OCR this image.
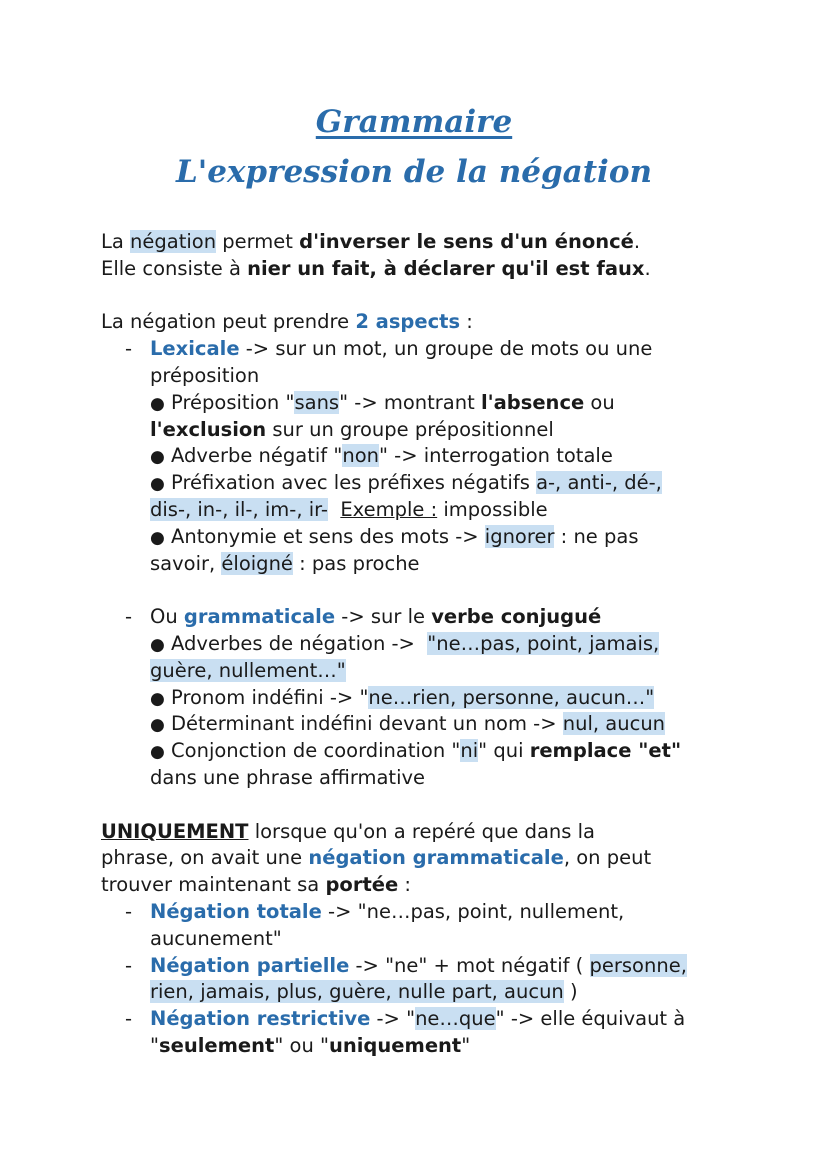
Grammaire
L'expression de la négation
La négation permet d'inverser le sens d'un énoncé.
Elle consiste à nier un fait, à déclarer qu'il est faux.
La négation peut prendre 2 aspects :
- Lexicale -> sur un mot, un groupe de mots ou une
préposition
● Préposition "sans" -> montrant l'absence ou
l'exclusion sur un groupe prépositionnel
● Adverbe négatif "non" -> interrogation totale
● Préfixation avec les préfixes négatifs a-, anti-, dé-,
dis-, in-, il-, im-, ir- Exemple : impossible
● Antonymie et sens des mots -> ignorer : ne pas
savoir, éloigné : pas proche
- Ou grammaticale -> sur le verbe conjugué
● Adverbes de négation ->  "ne…pas, point, jamais,
guère, nullement…"
● Pronom indéfini -> "ne…rien, personne, aucun…"
● Déterminant indéfini devant un nom -> nul, aucun
● Conjonction de coordination "ni" qui remplace "et"
dans une phrase affirmative
UNIQUEMENT lorsque qu'on a repéré que dans la
phrase, on avait une négation grammaticale, on peut
trouver maintenant sa portée :
- Négation totale -> "ne…pas, point, nullement,
aucunement"
- Négation partielle -> "ne" + mot négatif ( personne,
rien, jamais, plus, guère, nulle part, aucun )
- Négation restrictive -> "ne…que" -> elle équivaut à
"seulement" ou "uniquement"
